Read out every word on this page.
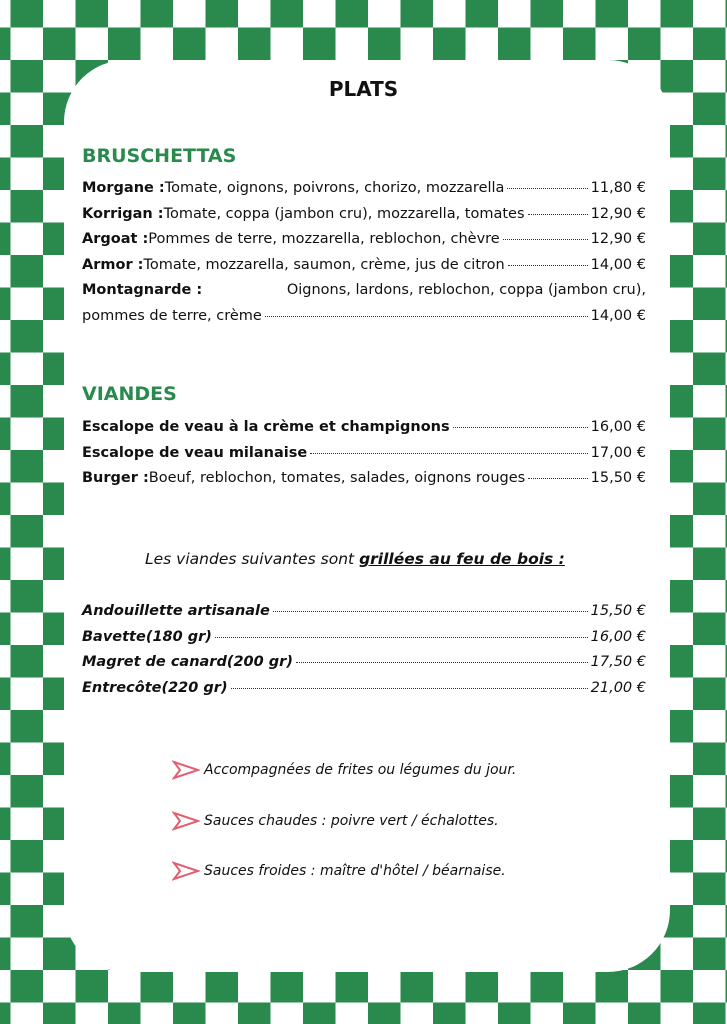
PLATS
BRUSCHETTAS
Morgane : Tomate, oignons, poivrons, chorizo, mozzarella	11,80 €
Korrigan : Tomate, coppa (jambon cru), mozzarella, tomates	12,90 €
Argoat : Pommes de terre, mozzarella, reblochon, chèvre	12,90 €
Armor : Tomate, mozzarella, saumon, crème, jus de citron	14,00 €
Montagnarde :	Oignons, lardons, reblochon, coppa (jambon cru),
pommes de terre, crème	14,00 €
VIANDES
Escalope de veau à la crème et champignons	16,00 €
Escalope de veau milanaise	17,00 €
Burger : Boeuf, reblochon, tomates, salades, oignons rouges	15,50 €
Les viandes suivantes sont grillées au feu de bois :
Andouillette artisanale	15,50 €
Bavette (180 gr)	16,00 €
Magret de canard (200 gr)	17,50 €
Entrecôte (220 gr)	21,00 €
Accompagnées de frites ou légumes du jour.
Sauces chaudes : poivre vert / échalottes.
Sauces froides : maître d'hôtel / béarnaise.
